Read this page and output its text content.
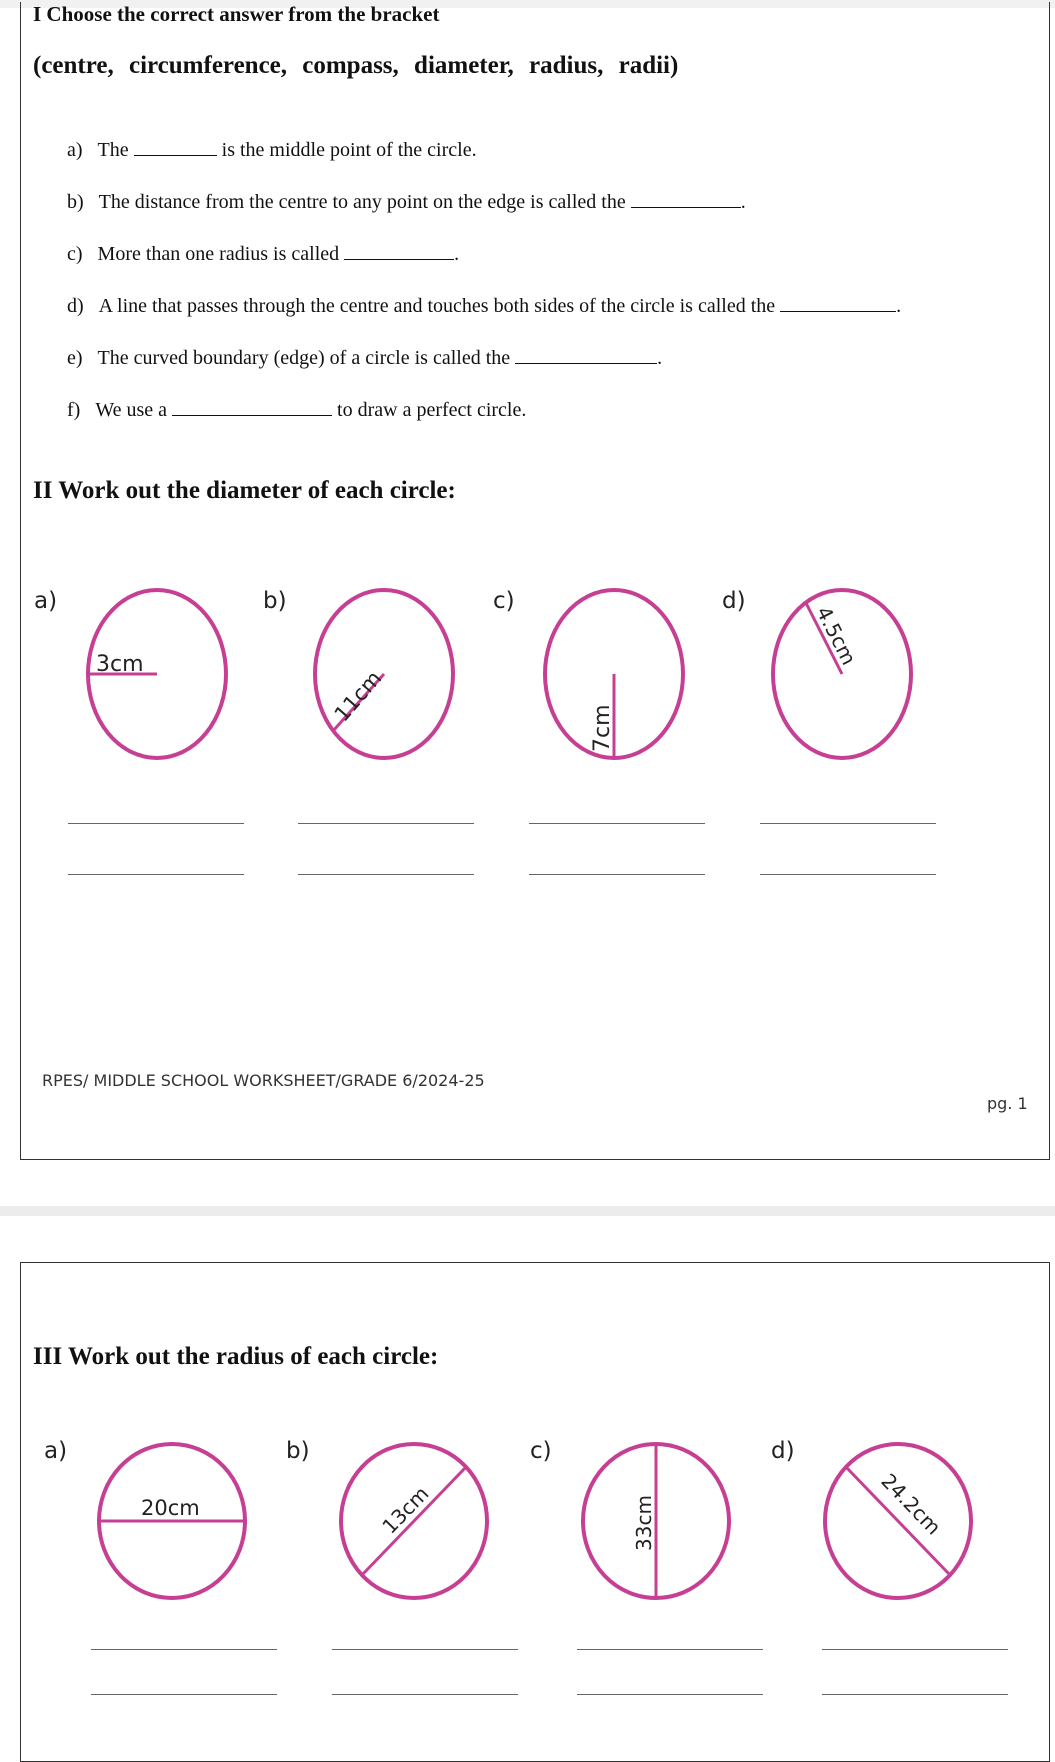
I Choose the correct answer from the bracket
(centre, circumference, compass, diameter, radius, radii)
a) The	is the middle point of the circle.
b) The distance from the centre to any point on the edge is called the	.
c) More than one radius is called	.
d) A line that passes through the centre and touches both sides of the circle is called the	.
e) The curved boundary (edge) of a circle is called the	.
f) We use a	to draw a perfect circle.
II Work out the diameter of each circle:
a)	b)	c)	d)
3cm
11cm
7cm
4.5cm
20cm	13cm	33cm	24.2cm
RPES/ MIDDLE SCHOOL WORKSHEET/GRADE 6/2024-25
pg. 1
III Work out the radius of each circle:
a)	b)	c)	d)
